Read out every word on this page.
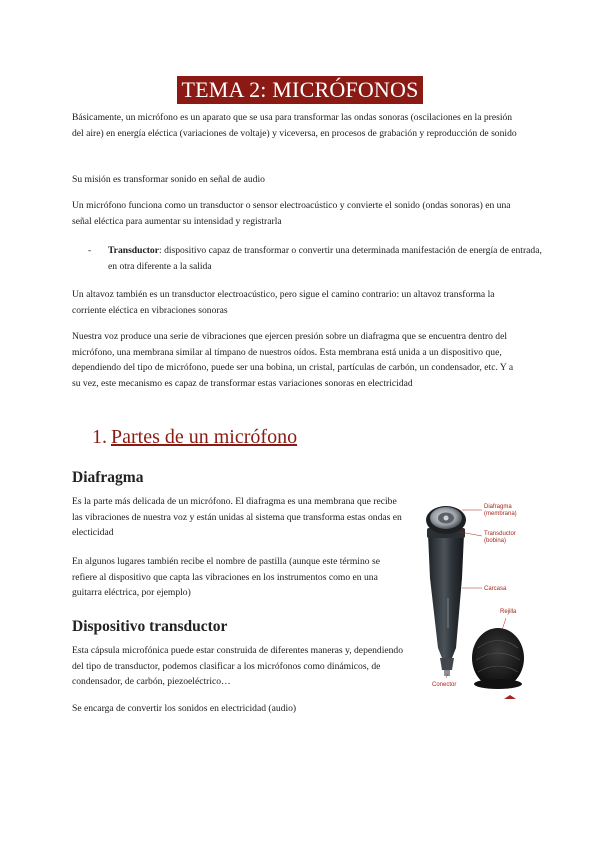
TEMA 2: MICRÓFONOS

Básicamente, un micrófono es un aparato que se usa para transformar las ondas sonoras (oscilaciones en la presión del aire) en energía eléctica (variaciones de voltaje) y viceversa, en procesos de grabación y reproducción de sonido

Su misión es transformar sonido en señal de audio

Un micrófono funciona como un transductor o sensor electroacústico y convierte el sonido (ondas sonoras) en una señal eléctica para aumentar su intensidad y registrarla

- Transductor: dispositivo capaz de transformar o convertir una determinada manifestación de energía de entrada, en otra diferente a la salida

Un altavoz también es un transductor electroacústico, pero sigue el camino contrario: un altavoz transforma la corriente eléctica en vibraciones sonoras

Nuestra voz produce una serie de vibraciones que ejercen presión sobre un diafragma que se encuentra dentro del micrófono, una membrana similar al tímpano de nuestros oídos. Esta membrana está unida a un dispositivo que, dependiendo del tipo de micrófono, puede ser una bobina, un cristal, partículas de carbón, un condensador, etc. Y a su vez, este mecanismo es capaz de transformar estas variaciones sonoras en electricidad

1. Partes de un micrófono
Diafragma

Es la parte más delicada de un micrófono. El diafragma es una membrana que recibe las vibraciones de nuestra voz y están unidas al sistema que transforma estas ondas en electicidad

En algunos lugares también recibe el nombre de pastilla (aunque este término se refiere al dispositivo que capta las vibraciones en los instrumentos como en una guitarra eléctrica, por ejemplo)

Dispositivo transductor

Esta cápsula microfónica puede estar construida de diferentes maneras y, dependiendo del tipo de transductor, podemos clasificar a los micrófonos como dinámicos, de condensador, de carbón, piezoeléctrico…

Se encarga de convertir los sonidos en electricidad (audio)

Diafragma
(membrana)
Transductor
(bobina)
Carcasa
Rejilla
Conector
